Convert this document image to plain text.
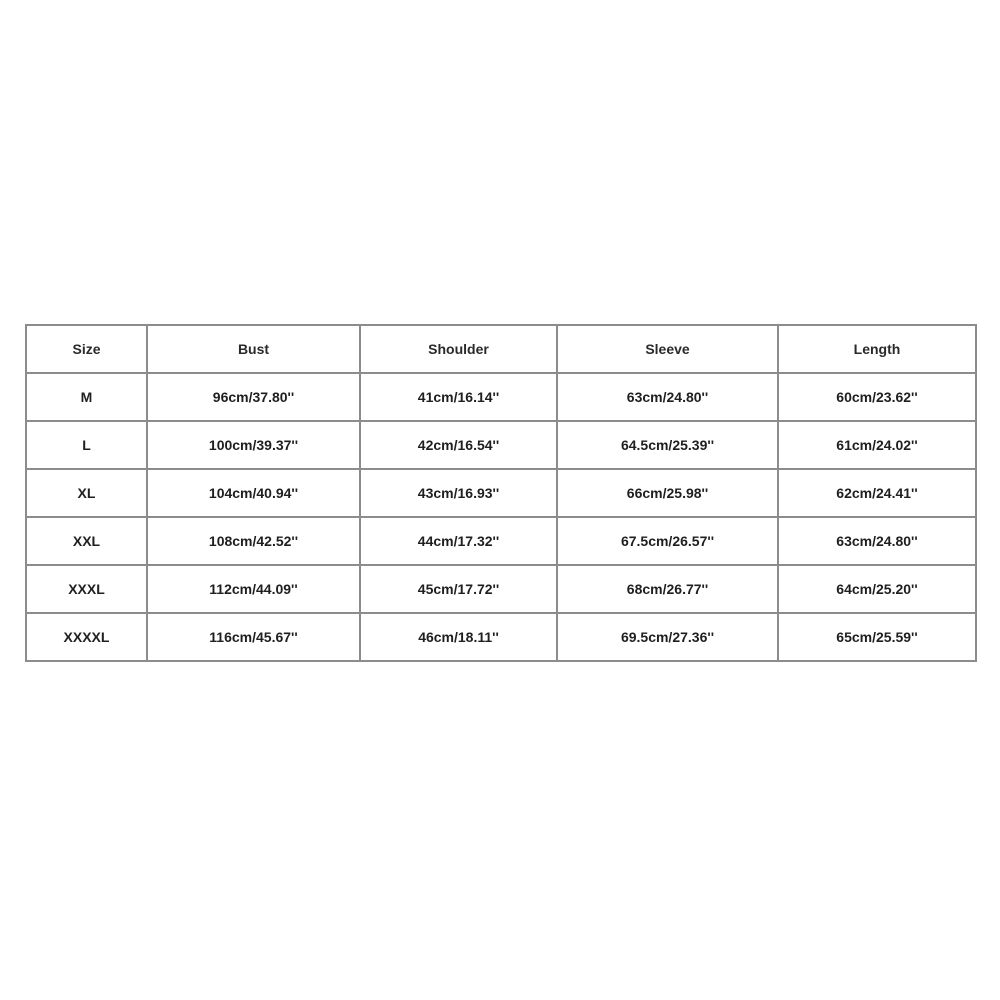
Size	Bust	Shoulder	Sleeve	Length
M	96cm/37.80''	41cm/16.14''	63cm/24.80''	60cm/23.62''
L	100cm/39.37''	42cm/16.54''	64.5cm/25.39''	61cm/24.02''
XL	104cm/40.94''	43cm/16.93''	66cm/25.98''	62cm/24.41''
XXL	108cm/42.52''	44cm/17.32''	67.5cm/26.57''	63cm/24.80''
XXXL	112cm/44.09''	45cm/17.72''	68cm/26.77''	64cm/25.20''
XXXXL	116cm/45.67''	46cm/18.11''	69.5cm/27.36''	65cm/25.59''
